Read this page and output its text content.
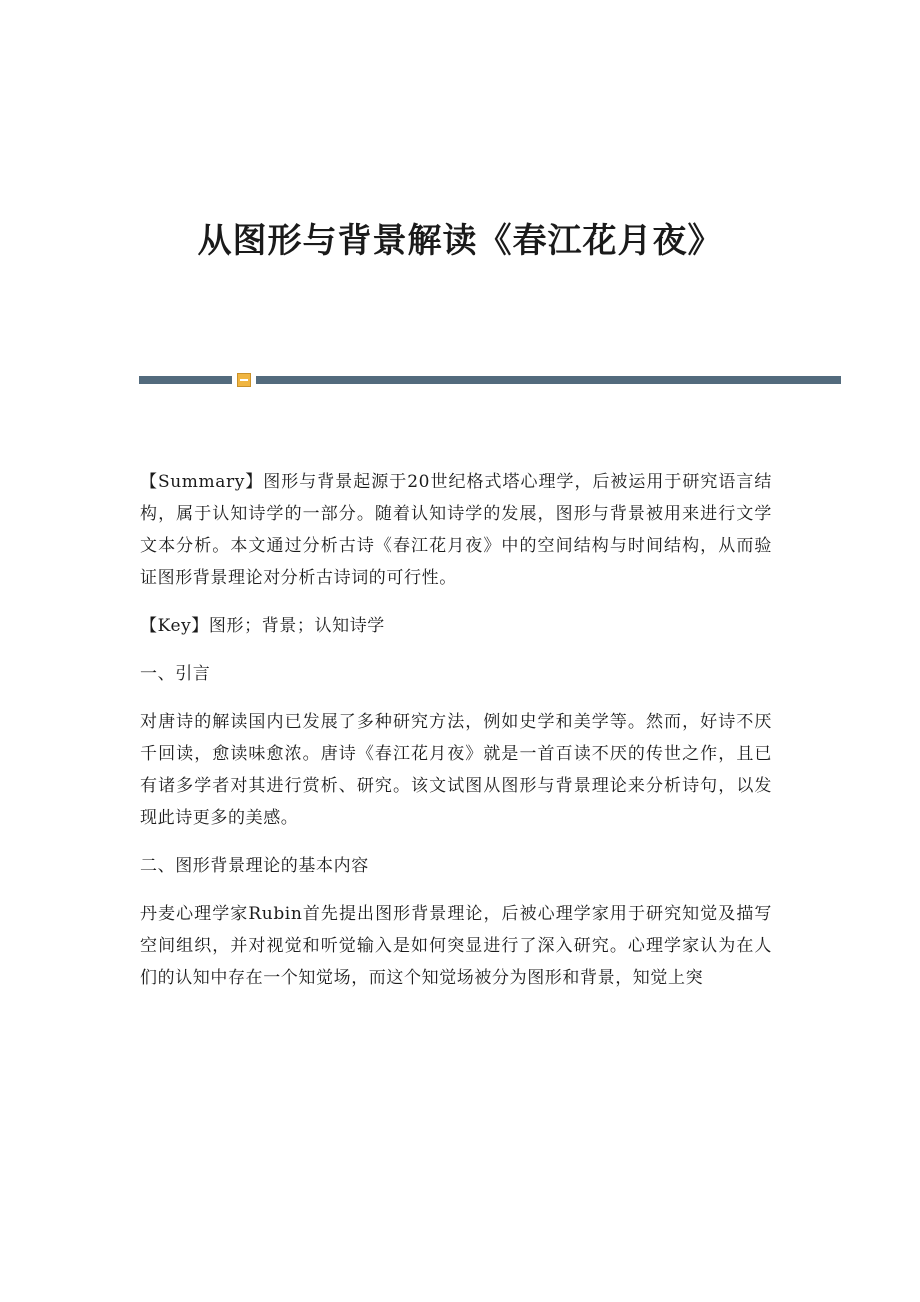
从图形与背景解读《春江花月夜》

【Summary】图形与背景起源于20世纪格式塔心理学，后被运用于研究语言结构，属于认知诗学的一部分。随着认知诗学的发展，图形与背景被用来进行文学文本分析。本文通过分析古诗《春江花月夜》中的空间结构与时间结构，从而验证图形背景理论对分析古诗词的可行性。

【Key】图形；背景；认知诗学

一、引言

对唐诗的解读国内已发展了多种研究方法，例如史学和美学等。然而，好诗不厌千回读，愈读味愈浓。唐诗《春江花月夜》就是一首百读不厌的传世之作，且已有诸多学者对其进行赏析、研究。该文试图从图形与背景理论来分析诗句，以发现此诗更多的美感。

二、图形背景理论的基本内容

丹麦心理学家Rubin首先提出图形背景理论，后被心理学家用于研究知觉及描写空间组织，并对视觉和听觉输入是如何突显进行了深入研究。心理学家认为在人们的认知中存在一个知觉场，而这个知觉场被分为图形和背景，知觉上突
